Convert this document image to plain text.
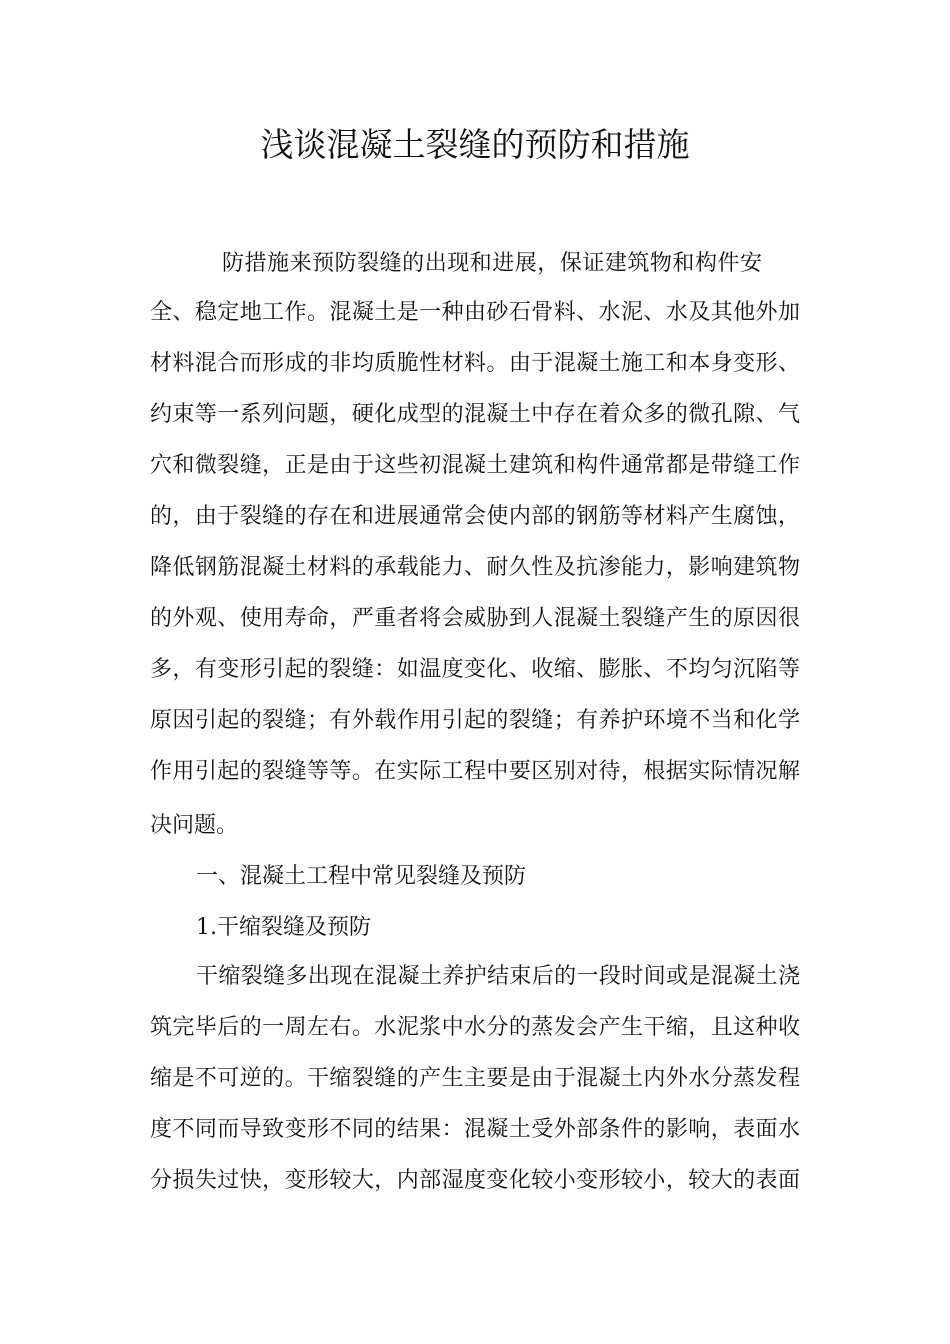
浅谈混凝土裂缝的预防和措施
防措施来预防裂缝的出现和进展，保证建筑物和构件安
全、稳定地工作。混凝土是一种由砂石骨料、水泥、水及其他外加
材料混合而形成的非均质脆性材料。由于混凝土施工和本身变形、
约束等一系列问题，硬化成型的混凝土中存在着众多的微孔隙、气
穴和微裂缝，正是由于这些初混凝土建筑和构件通常都是带缝工作
的，由于裂缝的存在和进展通常会使内部的钢筋等材料产生腐蚀，
降低钢筋混凝土材料的承载能力、耐久性及抗渗能力，影响建筑物
的外观、使用寿命，严重者将会威胁到人混凝土裂缝产生的原因很
多，有变形引起的裂缝：如温度变化、收缩、膨胀、不均匀沉陷等
原因引起的裂缝；有外载作用引起的裂缝；有养护环境不当和化学
作用引起的裂缝等等。在实际工程中要区别对待，根据实际情况解
决问题。
一、混凝土工程中常见裂缝及预防
1.干缩裂缝及预防
干缩裂缝多出现在混凝土养护结束后的一段时间或是混凝土浇
筑完毕后的一周左右。水泥浆中水分的蒸发会产生干缩，且这种收
缩是不可逆的。干缩裂缝的产生主要是由于混凝土内外水分蒸发程
度不同而导致变形不同的结果：混凝土受外部条件的影响，表面水
分损失过快，变形较大，内部湿度变化较小变形较小，较大的表面
